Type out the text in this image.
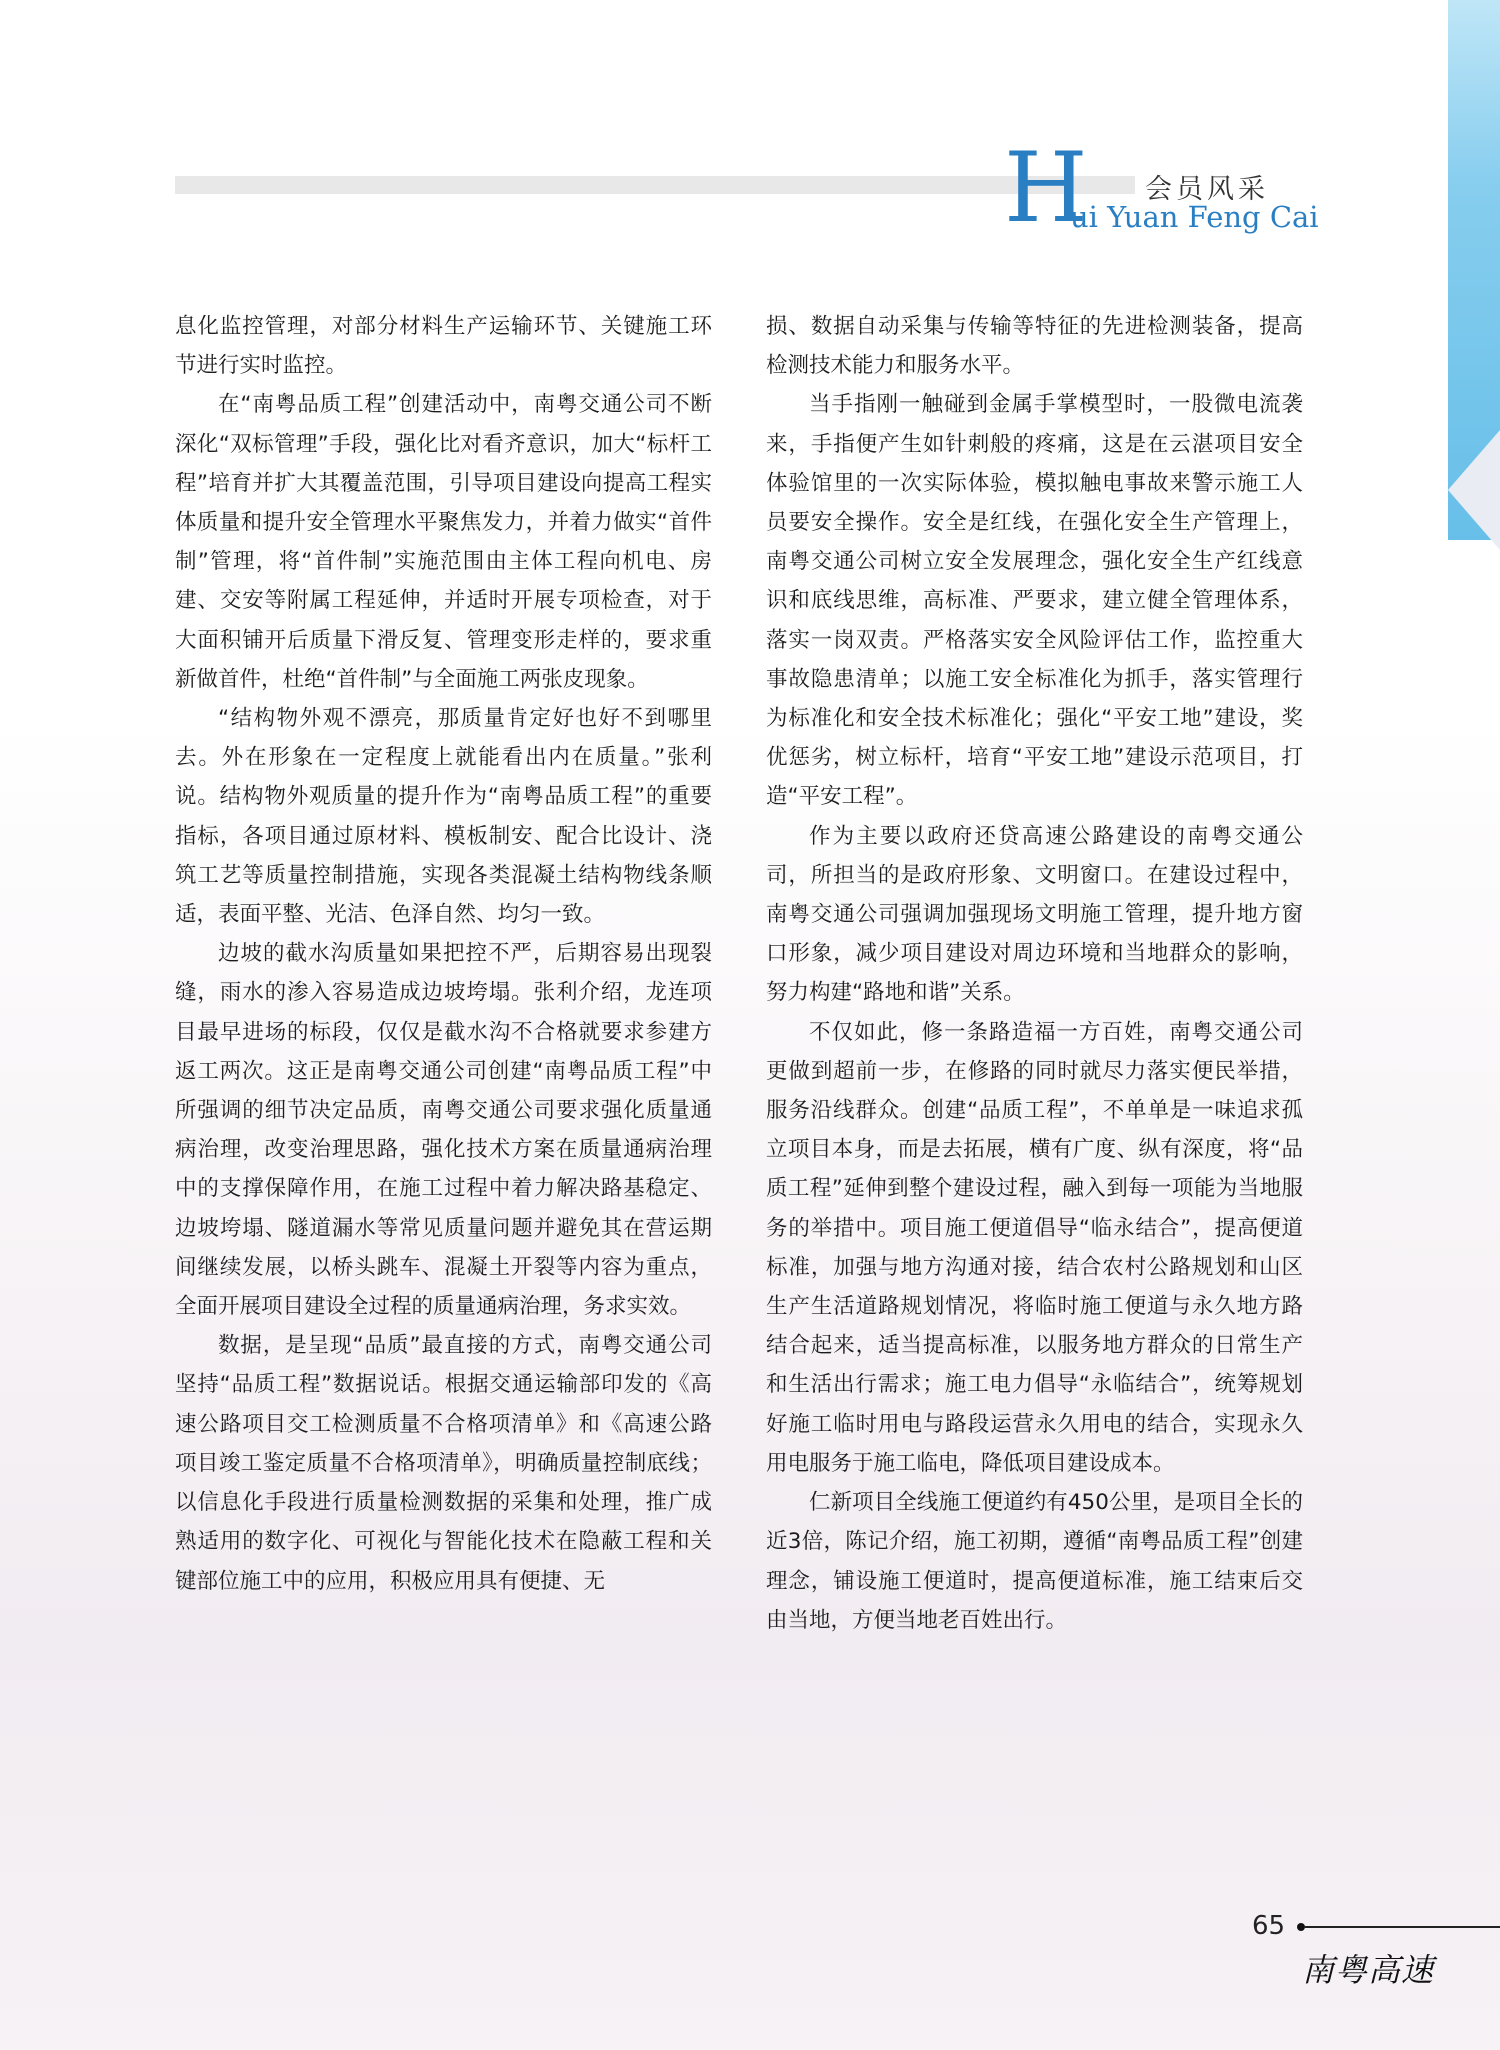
H 会员风采
ui Yuan Feng Cai

息化监控管理，对部分材料生产运输环节、关键施工环节进行实时监控。

在“南粤品质工程”创建活动中，南粤交通公司不断深化“双标管理”手段，强化比对看齐意识，加大“标杆工程”培育并扩大其覆盖范围，引导项目建设向提高工程实体质量和提升安全管理水平聚焦发力，并着力做实“首件制”管理，将“首件制”实施范围由主体工程向机电、房建、交安等附属工程延伸，并适时开展专项检查，对于大面积铺开后质量下滑反复、管理变形走样的，要求重新做首件，杜绝“首件制”与全面施工两张皮现象。

“结构物外观不漂亮，那质量肯定好也好不到哪里去。外在形象在一定程度上就能看出内在质量。”张利说。结构物外观质量的提升作为“南粤品质工程”的重要指标，各项目通过原材料、模板制安、配合比设计、浇筑工艺等质量控制措施，实现各类混凝土结构物线条顺适，表面平整、光洁、色泽自然、均匀一致。

边坡的截水沟质量如果把控不严，后期容易出现裂缝，雨水的渗入容易造成边坡垮塌。张利介绍，龙连项目最早进场的标段，仅仅是截水沟不合格就要求参建方返工两次。这正是南粤交通公司创建“南粤品质工程”中所强调的细节决定品质，南粤交通公司要求强化质量通病治理，改变治理思路，强化技术方案在质量通病治理中的支撑保障作用，在施工过程中着力解决路基稳定、边坡垮塌、隧道漏水等常见质量问题并避免其在营运期间继续发展，以桥头跳车、混凝土开裂等内容为重点，全面开展项目建设全过程的质量通病治理，务求实效。

数据，是呈现“品质”最直接的方式，南粤交通公司坚持“品质工程”数据说话。根据交通运输部印发的《高速公路项目交工检测质量不合格项清单》和《高速公路项目竣工鉴定质量不合格项清单》，明确质量控制底线；以信息化手段进行质量检测数据的采集和处理，推广成熟适用的数字化、可视化与智能化技术在隐蔽工程和关键部位施工中的应用，积极应用具有便捷、无

损、数据自动采集与传输等特征的先进检测装备，提高检测技术能力和服务水平。

当手指刚一触碰到金属手掌模型时，一股微电流袭来，手指便产生如针刺般的疼痛，这是在云湛项目安全体验馆里的一次实际体验，模拟触电事故来警示施工人员要安全操作。安全是红线，在强化安全生产管理上，南粤交通公司树立安全发展理念，强化安全生产红线意识和底线思维，高标准、严要求，建立健全管理体系，落实一岗双责。严格落实安全风险评估工作，监控重大事故隐患清单；以施工安全标准化为抓手，落实管理行为标准化和安全技术标准化；强化“平安工地”建设，奖优惩劣，树立标杆，培育“平安工地”建设示范项目，打造“平安工程”。

作为主要以政府还贷高速公路建设的南粤交通公司，所担当的是政府形象、文明窗口。在建设过程中，南粤交通公司强调加强现场文明施工管理，提升地方窗口形象，减少项目建设对周边环境和当地群众的影响，努力构建“路地和谐”关系。

不仅如此，修一条路造福一方百姓，南粤交通公司更做到超前一步，在修路的同时就尽力落实便民举措，服务沿线群众。创建“品质工程”，不单单是一味追求孤立项目本身，而是去拓展，横有广度、纵有深度，将“品质工程”延伸到整个建设过程，融入到每一项能为当地服务的举措中。项目施工便道倡导“临永结合”，提高便道标准，加强与地方沟通对接，结合农村公路规划和山区生产生活道路规划情况，将临时施工便道与永久地方路结合起来，适当提高标准，以服务地方群众的日常生产和生活出行需求；施工电力倡导“永临结合”，统筹规划好施工临时用电与路段运营永久用电的结合，实现永久用电服务于施工临电，降低项目建设成本。

仁新项目全线施工便道约有450公里，是项目全长的近3倍，陈记介绍，施工初期，遵循“南粤品质工程”创建理念，铺设施工便道时，提高便道标准，施工结束后交由当地，方便当地老百姓出行。

65
南粤高速
